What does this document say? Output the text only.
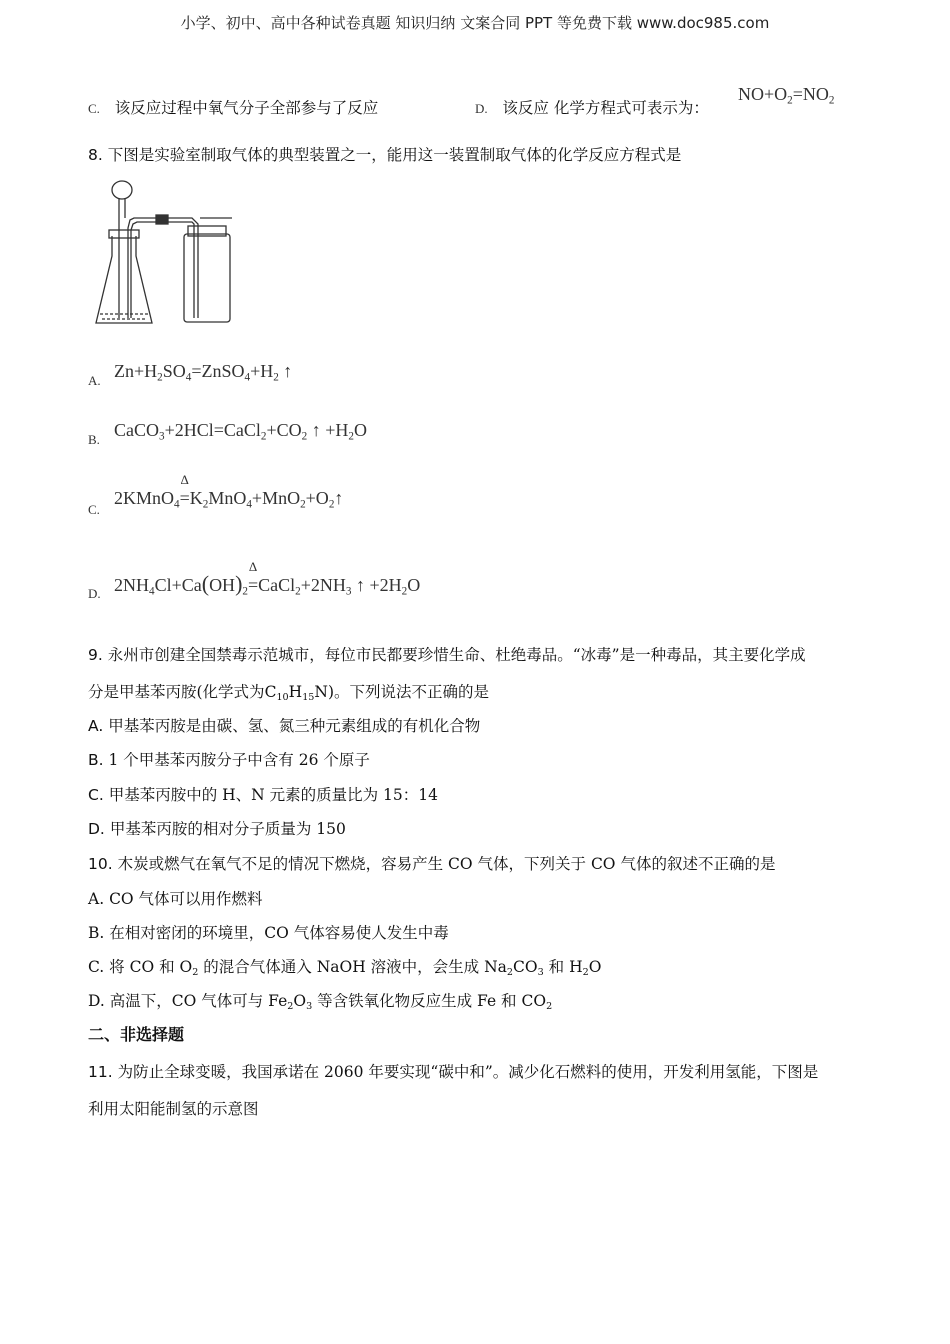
小学、初中、高中各种试卷真题 知识归纳 文案合同 PPT 等免费下载 www.doc985.com
C. 该反应过程中氧气分子全部参与了反应	D. 该反应 化学方程式可表示为：
$NO+O_2=NO_2$
8. 下图是实验室制取气体的典型装置之一，能用这一装置制取气体的化学反应方程式是
A. $Zn+H_2SO_4=ZnSO_4+H_2$ ↑
B. $CaCO_3+2HCl=CaCl_2+CO_2$ ↑ $+H_2O$
C.
2KMnO$_4$
Δ
$=K_2MnO_4+MnO_2+O_2↑$
D. $2NH_4Cl+Ca(OH)_2$
Δ
$=CaCl_2+2NH_3$ ↑ $+2H_2O$
9. 永州市创建全国禁毒示范城市，每位市民都要珍惜生命、杜绝毒品。“冰毒”是一种毒品，其主要化学成
分是甲基苯丙胺(化学式为$C_{10}H_{15}N$)。下列说法不正确的是
A. 甲基苯丙胺是由碳、氢、氮三种元素组成的有机化合物
B. 1 个甲基苯丙胺分子中含有 26 个原子
C. 甲基苯丙胺中的 H、N 元素的质量比为 15：14
D. 甲基苯丙胺的相对分子质量为 150
10. 木炭或燃气在氧气不足的情况下燃烧，容易产生 CO 气体，下列关于 CO 气体的叙述不正确的是
A. CO 气体可以用作燃料
B. 在相对密闭的环境里，CO 气体容易使人发生中毒
C. 将 CO 和 $O_2$ 的混合气体通入 NaOH 溶液中，会生成 $Na_2CO_3$ 和 $H_2O$
D. 高温下，CO 气体可与 $Fe_2O_3$ 等含铁氧化物反应生成 Fe 和 $CO_2$
二、非选择题
11. 为防止全球变暖，我国承诺在 2060 年要实现“碳中和”。减少化石燃料的使用，开发利用氢能，下图是
利用太阳能制氢的示意图
